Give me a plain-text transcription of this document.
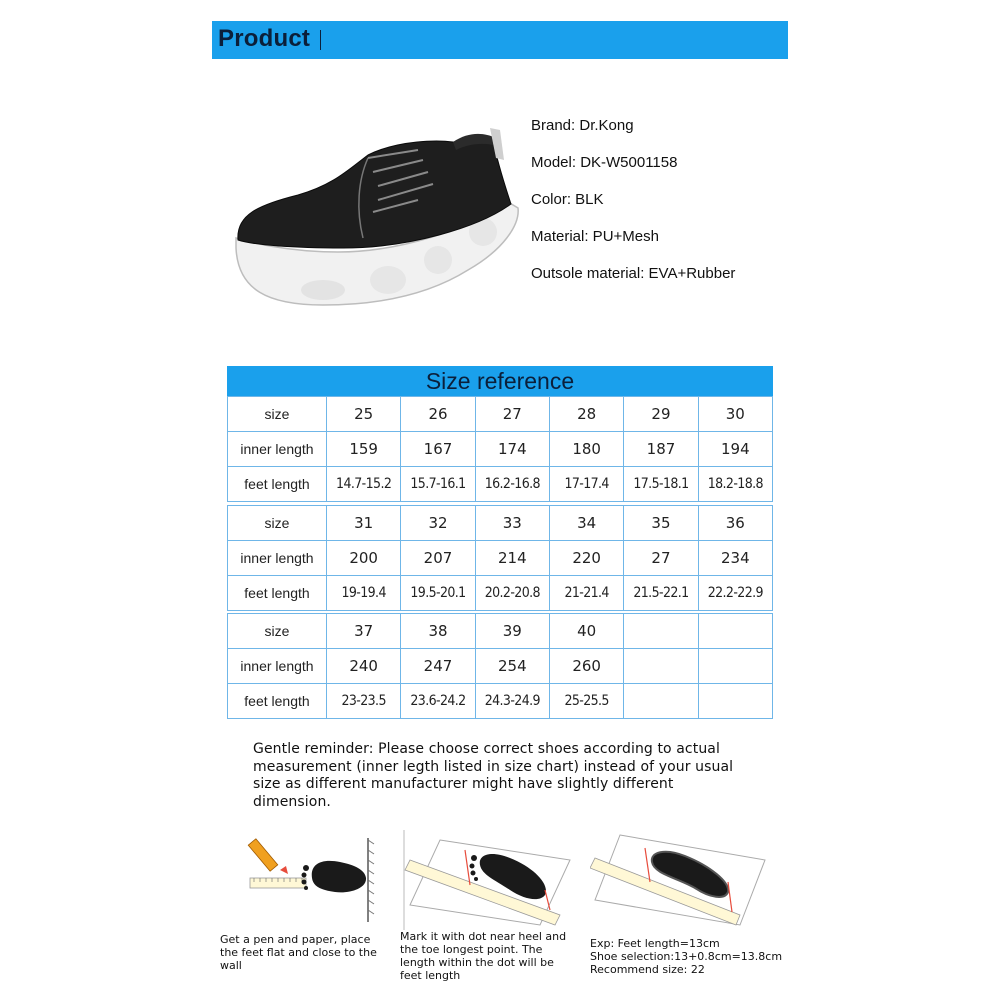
Product
Brand: Dr.Kong
Model: DK-W5001158
Color: BLK
Material: PU+Mesh
Outsole material: EVA+Rubber
Size reference
size	25	26	27	28	29	30
inner length	159	167	174	180	187	194
feet length	14.7-15.2	15.7-16.1	16.2-16.8	17-17.4	17.5-18.1	18.2-18.8
size	31	32	33	34	35	36
inner length	200	207	214	220	27	234
feet length	19-19.4	19.5-20.1	20.2-20.8	21-21.4	21.5-22.1	22.2-22.9
size	37	38	39	40		
inner length	240	247	254	260		
feet length	23-23.5	23.6-24.2	24.3-24.9	25-25.5		
Gentle reminder: Please choose correct shoes according to actual measurement (inner legth listed in size chart) instead of your usual size as different manufacturer might have slightly different dimension.
Get a pen and paper, place the feet flat and close to the wall
Mark it with dot near heel and the toe longest point. The length within the dot will be feet length
Exp: Feet length=13cm
Shoe selection:13+0.8cm=13.8cm
Recommend size: 22
